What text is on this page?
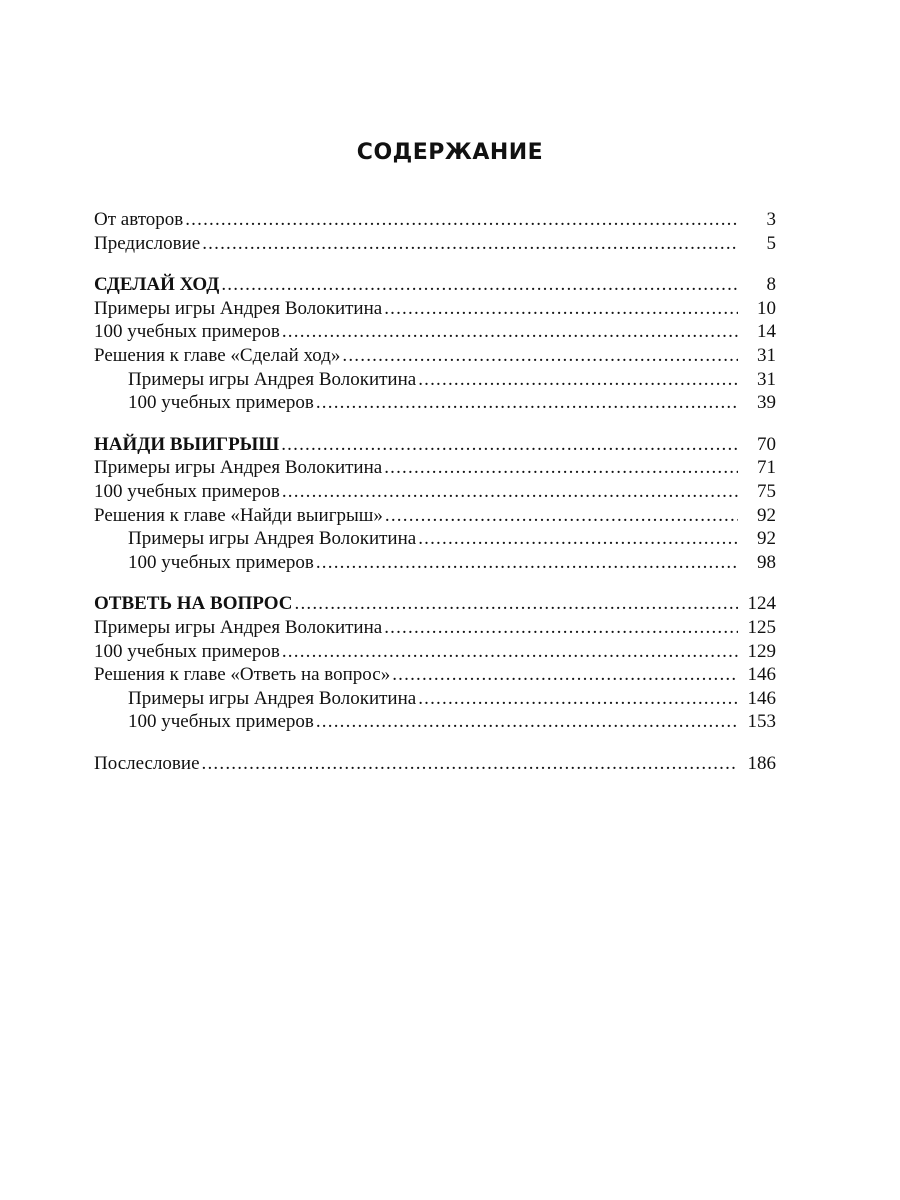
СОДЕРЖАНИЕ
От авторов .....	3
Предисловие .....	5
СДЕЛАЙ ХОД .....	8
Примеры игры Андрея Волокитина .....	10
100 учебных примеров .....	14
Решения к главе «Сделай ход» .....	31
Примеры игры Андрея Волокитина .....	31
100 учебных примеров .....	39
НАЙДИ ВЫИГРЫШ .....	70
Примеры игры Андрея Волокитина .....	71
100 учебных примеров .....	75
Решения к главе «Найди выигрыш» .....	92
Примеры игры Андрея Волокитина .....	92
100 учебных примеров .....	98
ОТВЕТЬ НА ВОПРОС .....	124
Примеры игры Андрея Волокитина .....	125
100 учебных примеров .....	129
Решения к главе «Ответь на вопрос» .....	146
Примеры игры Андрея Волокитина .....	146
100 учебных примеров .....	153
Послесловие .....	186
